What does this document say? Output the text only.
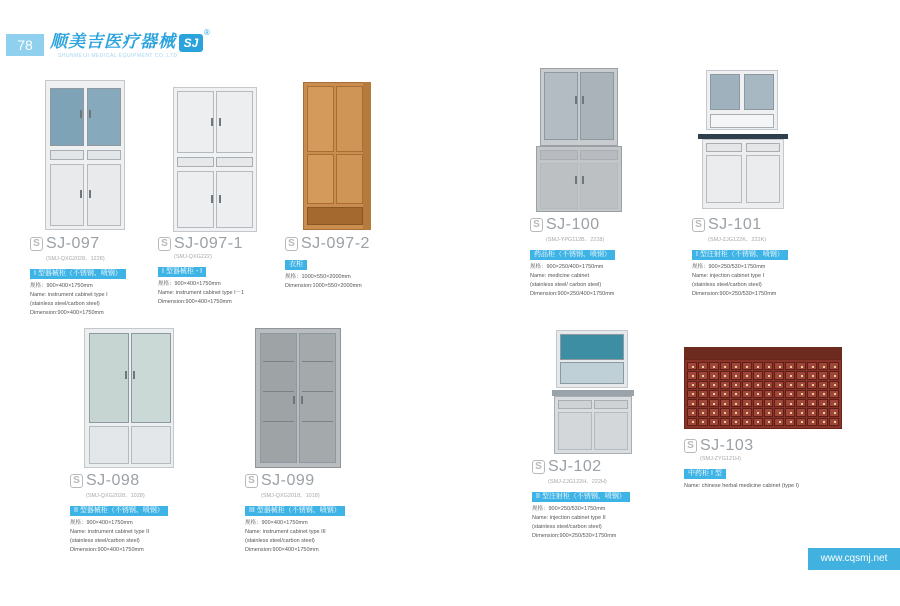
78	顺美吉医疗器械 SJ
®
SHUNMEIJI MEDICAL EQUIPMENT CO.,LTD
S SJ-097
(SMJ-QXG2028、1228)
I 型器械柜（不锈钢、喷钢）
规格：900×400×1750mm
Name: instrument cabinet type I
(stainless steel/carbon steel)
Dimension:900×400×1750mm
S SJ-097-1
(SMJ-QXG222)
I 型器械柜 - I
规格：900×400×1750mm
Name: instrument cabinet type I－1
Dimension:900×400×1750mm
S SJ-097-2
衣柜
规格：1000×550×2000mm
Dimension:1000×550×2000mm
S SJ-100
(SMJ-YPG112B、2228)
药品柜（不锈钢、喷钢）
规格：900×250/400×1750mm
Name: medicine cabinet
(stainless steel/ carbon steel)
Dimension:900×250/400×1750mm
S SJ-101
(SMJ-ZJG122K、222K)
I 型注射柜（不锈钢、喷钢）
规格：900×250/530×1750mm
Name: injection cabinet type I
(stainless steel/carbon steel)
Dimension:900×250/530×1750mm
S SJ-098
(SMJ-QXG2028、1028)
II 型器械柜（不锈钢、喷钢）
规格：900×400×1750mm
Name: instrument cabinet type II
(stainless steel/carbon steel)
Dimension:900×400×1750mm
S SJ-099
(SMJ-QXG2018、1018)
III 型器械柜（不锈钢、喷钢）
规格：900×400×1750mm
Name: instrument cabinet type III
(stainless steel/carbon steel)
Dimension:900×400×1750mm
S SJ-102
(SMJ-ZJG122H、222H)
II 型注射柜（不锈钢、喷钢）
规格：900×250/530×1750mm
Name: injection cabinet type II
(stainless steel/carbon steel)
Dimension:900×250/530×1750mm
S SJ-103
(SMJ-ZYG121H)
中药柜 I 型
Name: chinese herbal medicine cabinet (type I)
www.cqsmj.net
